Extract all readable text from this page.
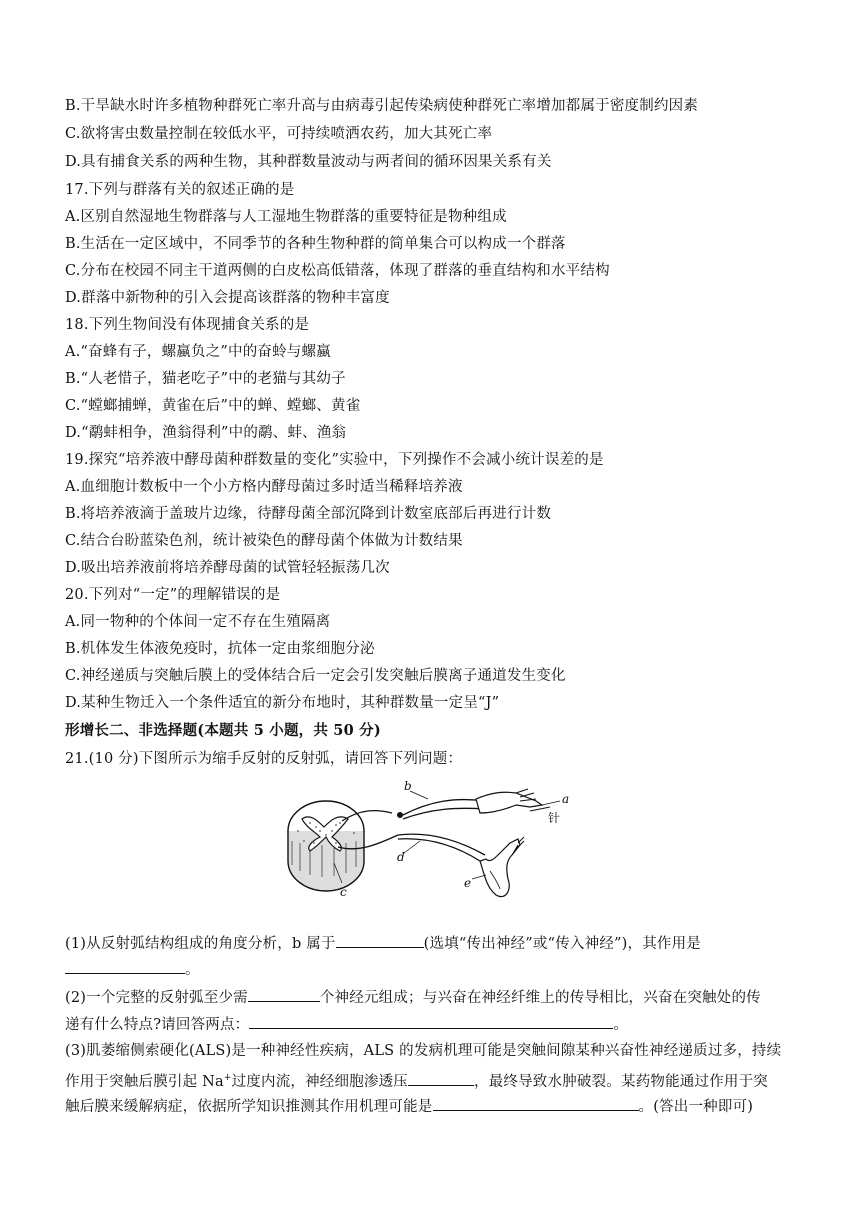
B.干旱缺水时许多植物种群死亡率升高与由病毒引起传染病使种群死亡率增加都属于密度制约因素
C.欲将害虫数量控制在较低水平，可持续喷洒农药，加大其死亡率
D.具有捕食关系的两种生物，其种群数量波动与两者间的循环因果关系有关
17.下列与群落有关的叙述正确的是
A.区别自然湿地生物群落与人工湿地生物群落的重要特征是物种组成
B.生活在一定区域中，不同季节的各种生物种群的简单集合可以构成一个群落
C.分布在校园不同主干道两侧的白皮松高低错落，体现了群落的垂直结构和水平结构
D.群落中新物种的引入会提高该群落的物种丰富度
18.下列生物间没有体现捕食关系的是
A.“奋蜂有子，螺蠃负之”中的奋蛉与螺蠃
B.“人老惜子，猫老吃子”中的老猫与其幼子
C.“螳螂捕蝉，黄雀在后”中的蝉、螳螂、黄雀
D.“鹬蚌相争，渔翁得利”中的鹬、蚌、渔翁
19.探究“培养液中酵母菌种群数量的变化”实验中，下列操作不会减小统计误差的是
A.血细胞计数板中一个小方格内酵母菌过多时适当稀释培养液
B.将培养液滴于盖玻片边缘，待酵母菌全部沉降到计数室底部后再进行计数
C.结合台盼蓝染色剂，统计被染色的酵母菌个体做为计数结果
D.吸出培养液前将培养酵母菌的试管轻轻振荡几次
20.下列对“一定”的理解错误的是
A.同一物种的个体间一定不存在生殖隔离
B.机体发生体液免疫时，抗体一定由浆细胞分泌
C.神经递质与突触后膜上的受体结合后一定会引发突触后膜离子通道发生变化
D.某种生物迁入一个条件适宜的新分布地时，其种群数量一定呈“J”
形增长二、非选择题(本题共 5 小题，共 50 分)
21.(10 分)下图所示为缩手反射的反射弧，请回答下列问题：
b
d
c
e
a
针
(1)从反射弧结构组成的角度分析，b 属于	(选填“传出神经”或“传入神经”)，其作用是
。
(2)一个完整的反射弧至少需	个神经元组成；与兴奋在神经纤维上的传导相比，兴奋在突触处的传
递有什么特点?请回答两点：	。
(3)肌萎缩侧索硬化(ALS)是一种神经性疾病，ALS 的发病机理可能是突触间隙某种兴奋性神经递质过多，持续
作用于突触后膜引起 Na+过度内流，神经细胞渗透压	，最终导致水肿破裂。某药物能通过作用于突
触后膜来缓解病症，依据所学知识推测其作用机理可能是	。(答出一种即可)
